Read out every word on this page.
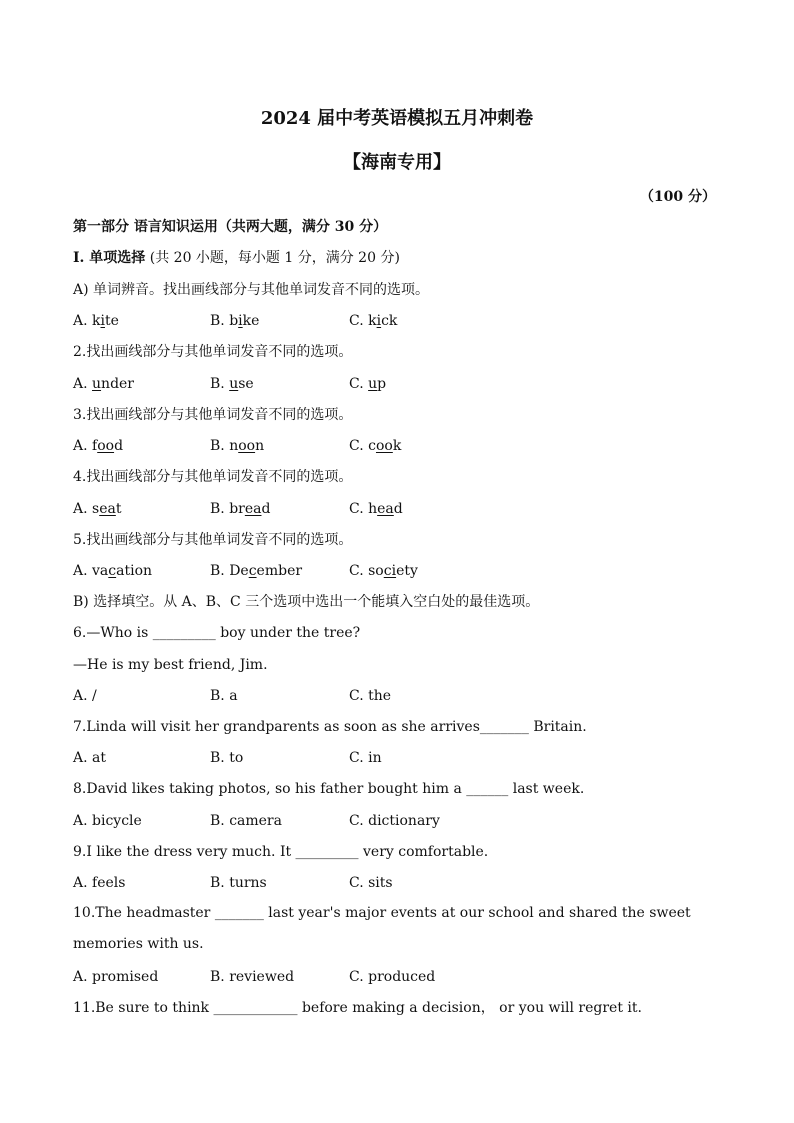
2024 届中考英语模拟五月冲刺卷
【海南专用】
（100 分）
第一部分 语言知识运用（共两大题，满分 30 分）
I. 单项选择 (共 20 小题，每小题 1 分，满分 20 分)
A) 单词辨音。找出画线部分与其他单词发音不同的选项。
A. kite	B. bike	C. kick
2.找出画线部分与其他单词发音不同的选项。
A. under	B. use	C. up
3.找出画线部分与其他单词发音不同的选项。
A. food	B. noon	C. cook
4.找出画线部分与其他单词发音不同的选项。
A. seat	B. bread	C. head
5.找出画线部分与其他单词发音不同的选项。
A. vacation	B. December	C. society
B) 选择填空。从 A、B、C 三个选项中选出一个能填入空白处的最佳选项。
6.—Who is _________ boy under the tree?
—He is my best friend, Jim.
A. /	B. a	C. the
7.Linda will visit her grandparents as soon as she arrives_______ Britain.
A. at	B. to	C. in
8.David likes taking photos, so his father bought him a ______ last week.
A. bicycle	B. camera	C. dictionary
9.I like the dress very much. It _________ very comfortable.
A. feels	B. turns	C. sits
10.The headmaster _______ last year's major events at our school and shared the sweet memories with us.
A. promised	B. reviewed	C. produced
11.Be sure to think ____________ before making a decision， or you will regret it.
